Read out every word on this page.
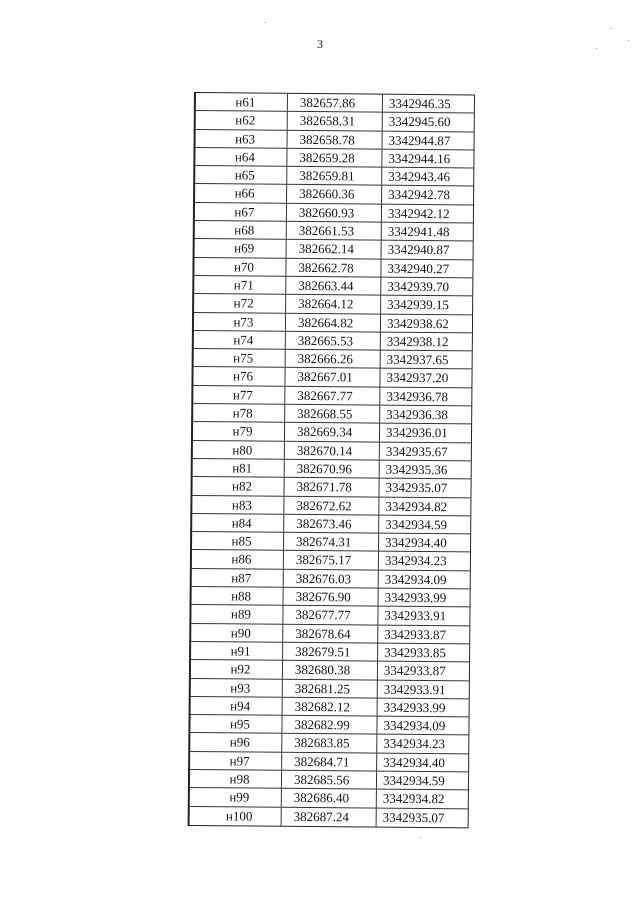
3
н61	382657.86	3342946.35
н62	382658.31	3342945.60
н63	382658.78	3342944.87
н64	382659.28	3342944.16
н65	382659.81	3342943.46
н66	382660.36	3342942.78
н67	382660.93	3342942.12
н68	382661.53	3342941.48
н69	382662.14	3342940.87
н70	382662.78	3342940.27
н71	382663.44	3342939.70
н72	382664.12	3342939.15
н73	382664.82	3342938.62
н74	382665.53	3342938.12
н75	382666.26	3342937.65
н76	382667.01	3342937.20
н77	382667.77	3342936.78
н78	382668.55	3342936.38
н79	382669.34	3342936.01
н80	382670.14	3342935.67
н81	382670.96	3342935.36
н82	382671.78	3342935.07
н83	382672.62	3342934.82
н84	382673.46	3342934.59
н85	382674.31	3342934.40
н86	382675.17	3342934.23
н87	382676.03	3342934.09
н88	382676.90	3342933.99
н89	382677.77	3342933.91
н90	382678.64	3342933.87
н91	382679.51	3342933.85
н92	382680.38	3342933.87
н93	382681.25	3342933.91
н94	382682.12	3342933.99
н95	382682.99	3342934.09
н96	382683.85	3342934.23
н97	382684.71	3342934.40
н98	382685.56	3342934.59
н99	382686.40	3342934.82
н100	382687.24	3342935.07
